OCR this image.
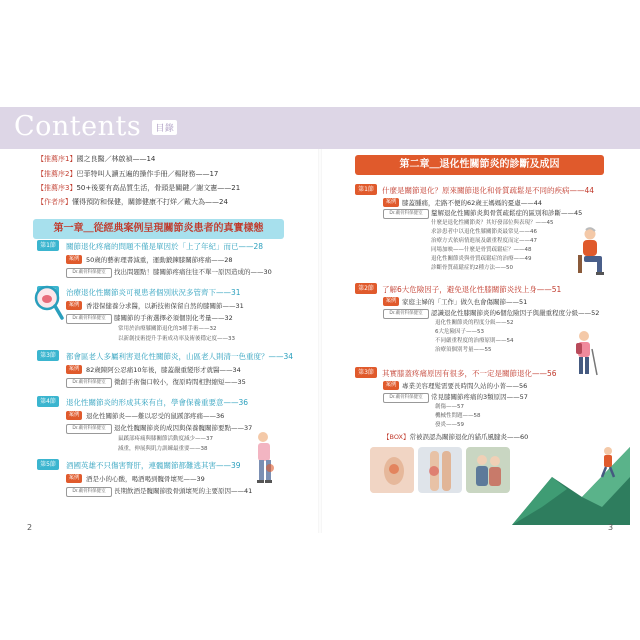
Contents 目錄
【推薦序1】國之良醫／林啟禎——14
【推薦序2】巴菲特叫人讀五遍的操作手冊／楊財務——17
【推薦序3】50+後要有高品質生活，骨頭是關鍵／謝文憲——21
【作者序】懂得預防和保健，關節健康不打烊／戴大為——24
第一章＿從經典案例呈現關節炎患者的真實樣態
第1節	關節退化疼痛的問題不僅是單因於「上了年紀」而已——28
案例	50歲的藝術理書減重，運動鍛鍊膝關節疼痛——28
Dr.戴骨科保健室	找出問題點！膝關節疼痛往往不單一原因造成的——30
治療退化性關節炎可視患者個別狀況多管齊下——31
案例	香港保健養分求醫，以新技術保留自然的膝關節——31
Dr.戴骨科保健室	膝關節的手術選擇必須個別化考量——32
常用於治療膝關節退化的3種手術——32
以新創技術提升手術成功率及術後穩定度——33
第3節	都會區老人多屬利害退化性關節炎，山區老人則清一色重度？——34
案例	82歲陳阿公忍痛10年後，膝蓋嚴重變形才就醫——34
Dr.戴骨科保健室	微創手術傷口較小，復原時間相對縮短——35
第4節	退化性關節炎的形成其來有自，學會保養重要意——36
案例	退化性關節炎——難以忍受的鼠蹊部疼痛——36
Dr.戴骨科保健室	退化性髖關節炎的成因與保養髖關節要點——37
鼠蹊部疼痛與膝關節活動度減少——37
減重，伸展與肌力訓練最重要——38
第5節	酒國英雄不只傷害腎肝，連髖關節都難逃其害——39
案例	酒是小的心酸，喝酒喝到髖骨壞死——39
Dr.戴骨科保健室	長期飲酒是髖關節股骨頭壞死的主要原因——41
第二章＿退化性關節炎的診斷及成因
第1節	什麼是關節退化？原來關節退化和骨質疏鬆是不同的疾病——44
案例 膝蓋腫痛，走路不便的62歲王媽媽的憂慮——44
Dr.戴骨科保健室	釐解退化性關節炎與骨質疏鬆症的區別和診斷——45
什麼是退化性關節炎？其好發部位與表現？——45
求診患者中以退化性膝關節炎最常見——46
治療方式依病情進展及嚴重程度而定——47
同場加映——什麼是骨質疏鬆症？——48
退化性關節炎與骨質疏鬆症的治療——49
診斷骨質疏鬆症的2種方法——50
第2節	了解6大危險因子，避免退化性膝關節炎找上身——51
案例 家庭主婦的「工作」做久也會傷關節——51
Dr.戴骨科保健室	認識退化性膝關節炎的6個危險因子與嚴重程度分級——52
退化性關節炎的程度分級——52
6大危險因子——53
不同嚴重程度的治療原則——54
治療須個別考量——55
第3節	其實膝蓋疼痛原因有很多，不一定是關節退化——56
案例 專業美容理髮需要長時間久站的小菁——56
Dr.戴骨科保健室	常見膝關節疼痛的3類原因——57
創傷——57
機械性問題——58
發炎——59
【BOX】常被誤認為關節退化的貓爪風腱炎——60
2	3
